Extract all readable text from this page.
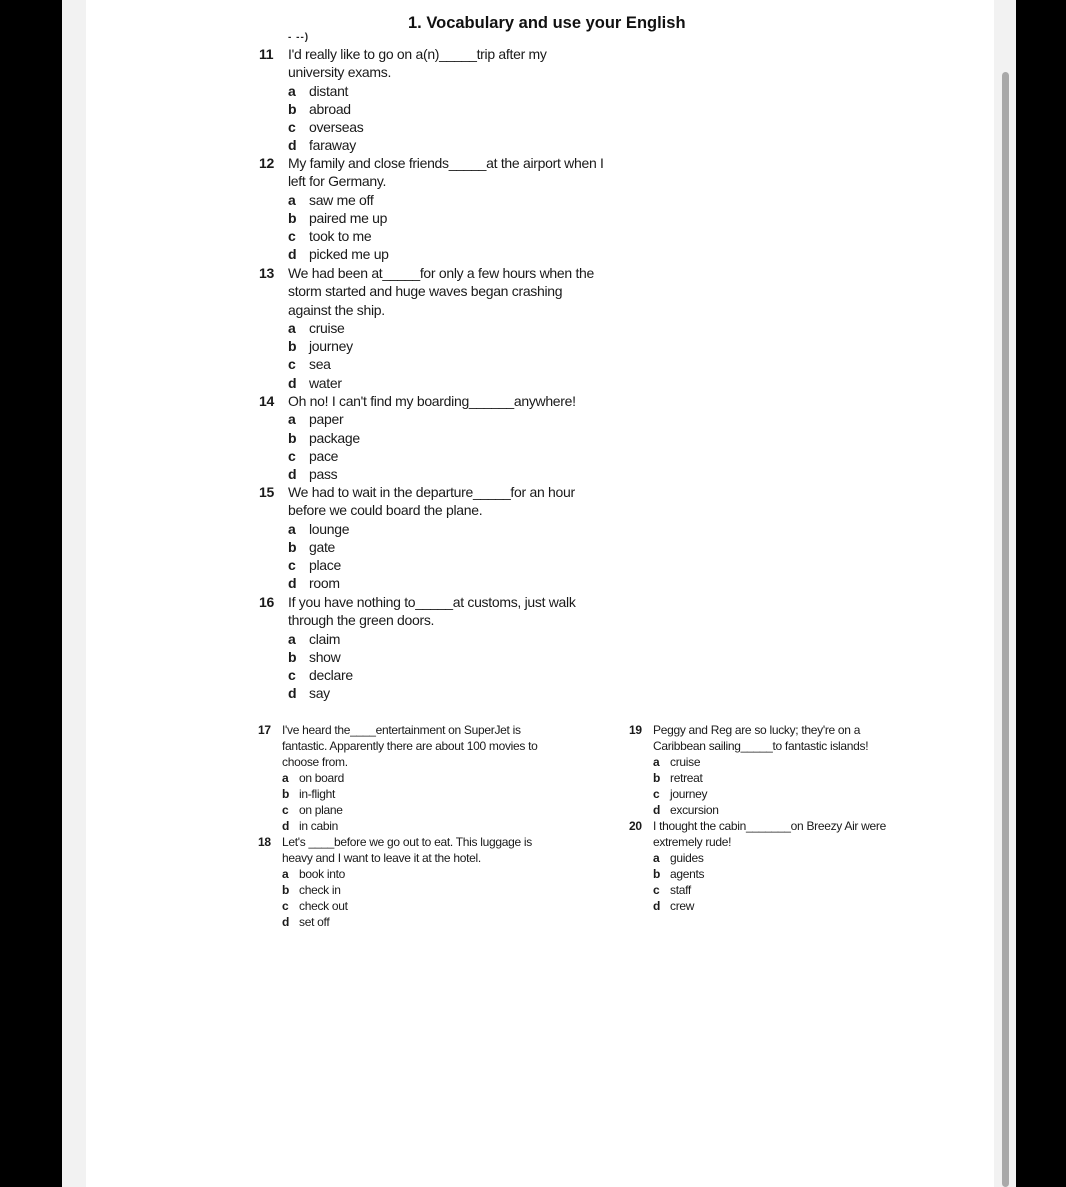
1. Vocabulary and use your English
- --)
11	I'd really like to go on a(n)_____trip after my
university exams.
a distant
b abroad
c overseas
d faraway
12	My family and close friends_____at the airport when I
left for Germany.
a saw me off
b paired me up
c took to me
d picked me up
13	We had been at_____for only a few hours when the
storm started and huge waves began crashing
against the ship.
a cruise
b journey
c sea
d water
14	Oh no! I can't find my boarding______anywhere!
a paper
b package
c pace
d pass
15	We had to wait in the departure_____for an hour
before we could board the plane.
a lounge
b gate
c place
d room
16	If you have nothing to_____at customs, just walk
through the green doors.
a claim
b show
c declare
d say
17 I've heard the____entertainment on SuperJet is
fantastic. Apparently there are about 100 movies to
choose from.
a on board
b in-flight
c on plane
d in cabin
18 Let's ____before we go out to eat. This luggage is
heavy and I want to leave it at the hotel.
a book into
b check in
c check out
d set off
19 Peggy and Reg are so lucky; they're on a
Caribbean sailing_____to fantastic islands!
a cruise
b retreat
c journey
d excursion
20 I thought the cabin_______on Breezy Air were
extremely rude!
a guides
b agents
c staff
d crew
